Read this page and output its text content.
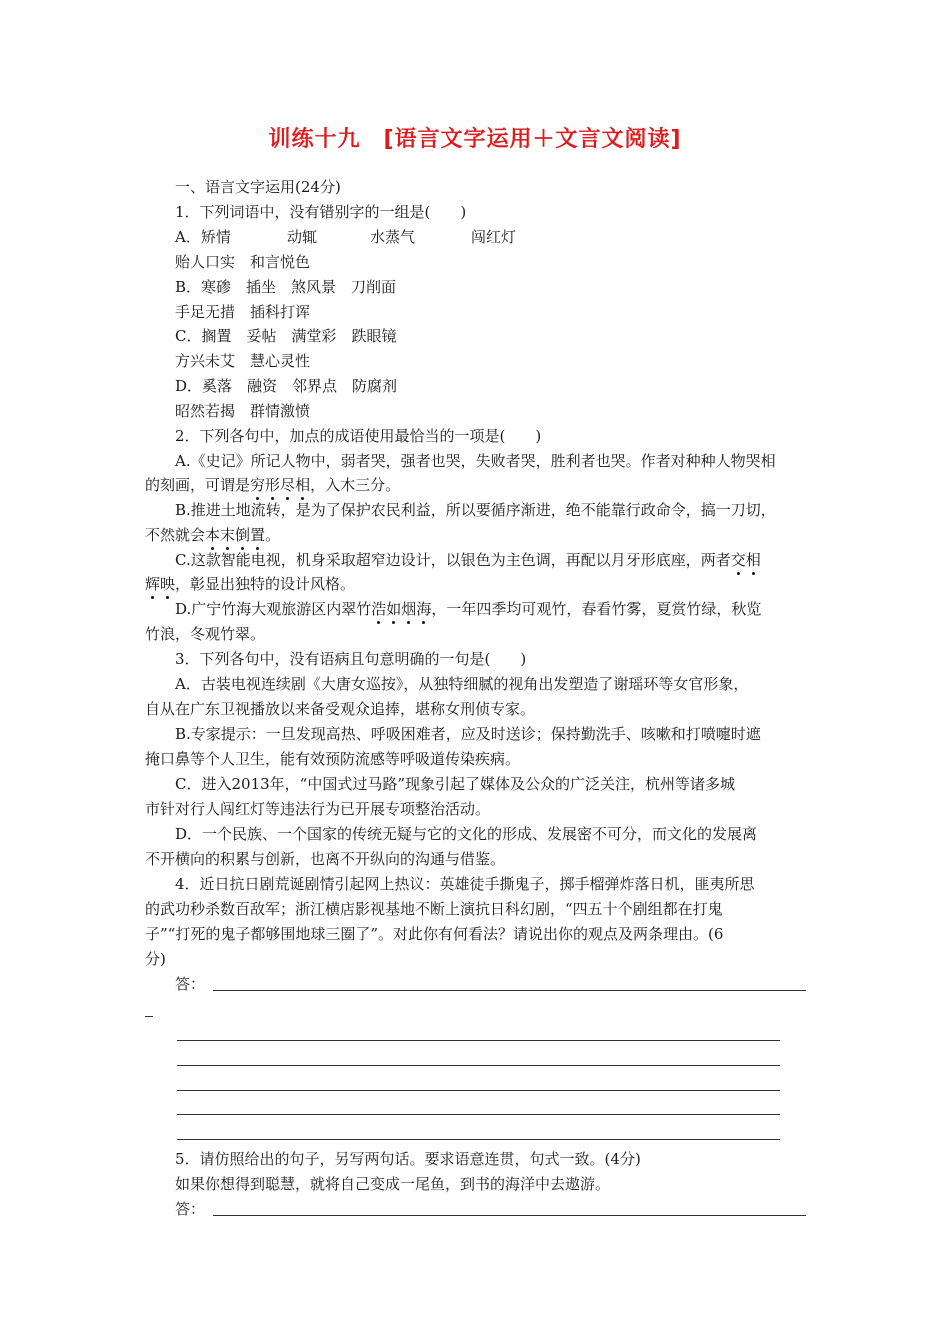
训练十九　[语言文字运用＋文言文阅读]
一、语言文字运用(24分)
1．下列词语中，没有错别字的一组是(　　)
A．矫情	动辄	水蒸气	闯红灯
贻人口实　和言悦色
B．寒碜　插坐　煞风景　刀削面
手足无措　插科打诨
C．搁置　妥帖　满堂彩　跌眼镜
方兴未艾　慧心灵性
D．奚落　融资　邻界点　防腐剂
昭然若揭　群情激愤
2．下列各句中，加点的成语使用最恰当的一项是(　　)
A.《史记》所记人物中，弱者哭，强者也哭，失败者哭，胜利者也哭。作者对种种人物哭相
的刻画，可谓是穷形尽相，入木三分。
B.推进土地流转，是为了保护农民利益，所以要循序渐进，绝不能靠行政命令，搞一刀切，
不然就会本末倒置。
C.这款智能电视，机身采取超窄边设计，以银色为主色调，再配以月牙形底座，两者交相
辉映，彰显出独特的设计风格。
D.广宁竹海大观旅游区内翠竹浩如烟海，一年四季均可观竹，春看竹雾，夏赏竹绿，秋览
竹浪，冬观竹翠。
3．下列各句中，没有语病且句意明确的一句是(　　)
A．古装电视连续剧《大唐女巡按》，从独特细腻的视角出发塑造了谢瑶环等女官形象，
自从在广东卫视播放以来备受观众追捧，堪称女刑侦专家。
B.专家提示：一旦发现高热、呼吸困难者，应及时送诊；保持勤洗手、咳嗽和打喷嚏时遮
掩口鼻等个人卫生，能有效预防流感等呼吸道传染疾病。
C．进入2013年，“中国式过马路”现象引起了媒体及公众的广泛关注，杭州等诸多城
市针对行人闯红灯等违法行为已开展专项整治活动。
D．一个民族、一个国家的传统无疑与它的文化的形成、发展密不可分，而文化的发展离
不开横向的积累与创新，也离不开纵向的沟通与借鉴。
4．近日抗日剧荒诞剧情引起网上热议：英雄徒手撕鬼子，掷手榴弹炸落日机，匪夷所思
的武功秒杀数百敌军；浙江横店影视基地不断上演抗日科幻剧，“四五十个剧组都在打鬼
子”“打死的鬼子都够围地球三圈了”。对此你有何看法？请说出你的观点及两条理由。(6
分)
答：
5．请仿照给出的句子，另写两句话。要求语意连贯，句式一致。(4分)
如果你想得到聪慧，就将自己变成一尾鱼，到书的海洋中去遨游。
答：
